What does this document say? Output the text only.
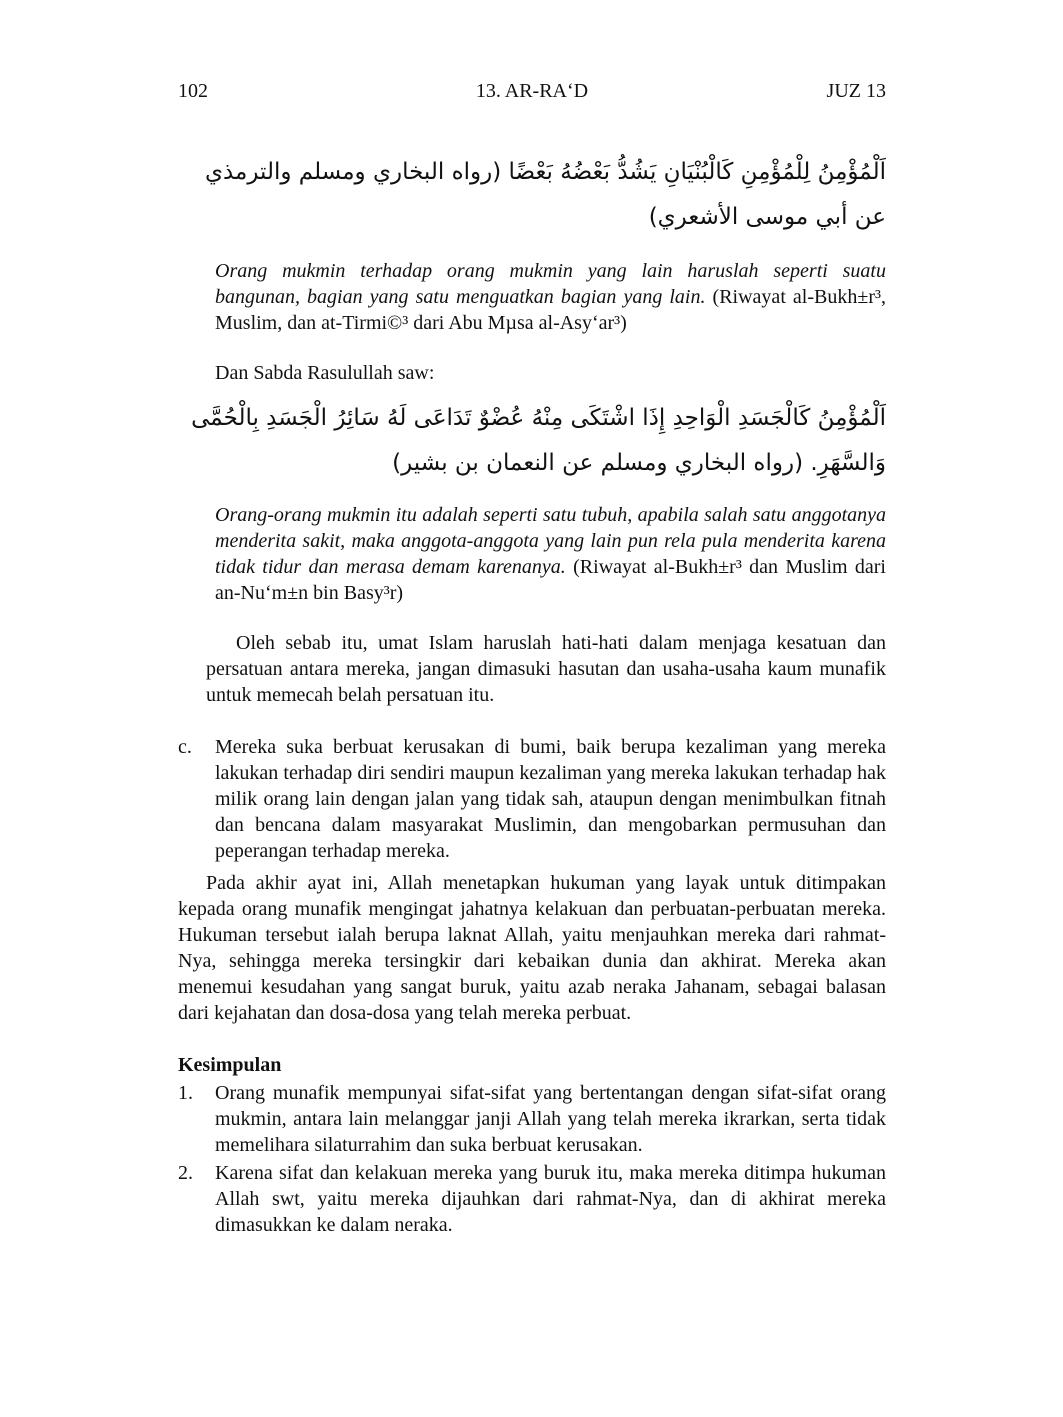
102	13. AR-RA‘D	JUZ 13

اَلْمُؤْمِنُ لِلْمُؤْمِنِ كَالْبُنْيَانِ يَشُدُّ بَعْضُهُ بَعْضًا (رواه البخاري ومسلم والترمذي عن أبي موسى الأشعري)

Orang mukmin terhadap orang mukmin yang lain haruslah seperti suatu bangunan, bagian yang satu menguatkan bagian yang lain. (Riwayat al-Bukh±r³, Muslim, dan at-Tirmi©³ dari Abu Mµsa al-Asy‘ar³)

Dan Sabda Rasulullah saw:

اَلْمُؤْمِنُ كَالْجَسَدِ الْوَاحِدِ إِذَا اشْتَكَى مِنْهُ عُضْوٌ تَدَاعَى لَهُ سَائِرُ الْجَسَدِ بِالْحُمَّى وَالسَّهَرِ. (رواه البخاري ومسلم عن النعمان بن بشير)

Orang-orang mukmin itu adalah seperti satu tubuh, apabila salah satu anggotanya menderita sakit, maka anggota-anggota yang lain pun rela pula menderita karena tidak tidur dan merasa demam karenanya. (Riwayat al-Bukh±r³ dan Muslim dari an-Nu‘m±n bin Basy³r)

Oleh sebab itu, umat Islam haruslah hati-hati dalam menjaga kesatuan dan persatuan antara mereka, jangan dimasuki hasutan dan usaha-usaha kaum munafik untuk memecah belah persatuan itu.

c.	Mereka suka berbuat kerusakan di bumi, baik berupa kezaliman yang mereka lakukan terhadap diri sendiri maupun kezaliman yang mereka lakukan terhadap hak milik orang lain dengan jalan yang tidak sah, ataupun dengan menimbulkan fitnah dan bencana dalam masyarakat Muslimin, dan mengobarkan permusuhan dan peperangan terhadap mereka.

Pada akhir ayat ini, Allah menetapkan hukuman yang layak untuk ditimpakan kepada orang munafik mengingat jahatnya kelakuan dan perbuatan-perbuatan mereka. Hukuman tersebut ialah berupa laknat Allah, yaitu menjauhkan mereka dari rahmat-Nya, sehingga mereka tersingkir dari kebaikan dunia dan akhirat. Mereka akan menemui kesudahan yang sangat buruk, yaitu azab neraka Jahanam, sebagai balasan dari kejahatan dan dosa-dosa yang telah mereka perbuat.

Kesimpulan
1.	Orang munafik mempunyai sifat-sifat yang bertentangan dengan sifat-sifat orang mukmin, antara lain melanggar janji Allah yang telah mereka ikrarkan, serta tidak memelihara silaturrahim dan suka berbuat kerusakan.
2.	Karena sifat dan kelakuan mereka yang buruk itu, maka mereka ditimpa hukuman Allah swt, yaitu mereka dijauhkan dari rahmat-Nya, dan di akhirat mereka dimasukkan ke dalam neraka.
